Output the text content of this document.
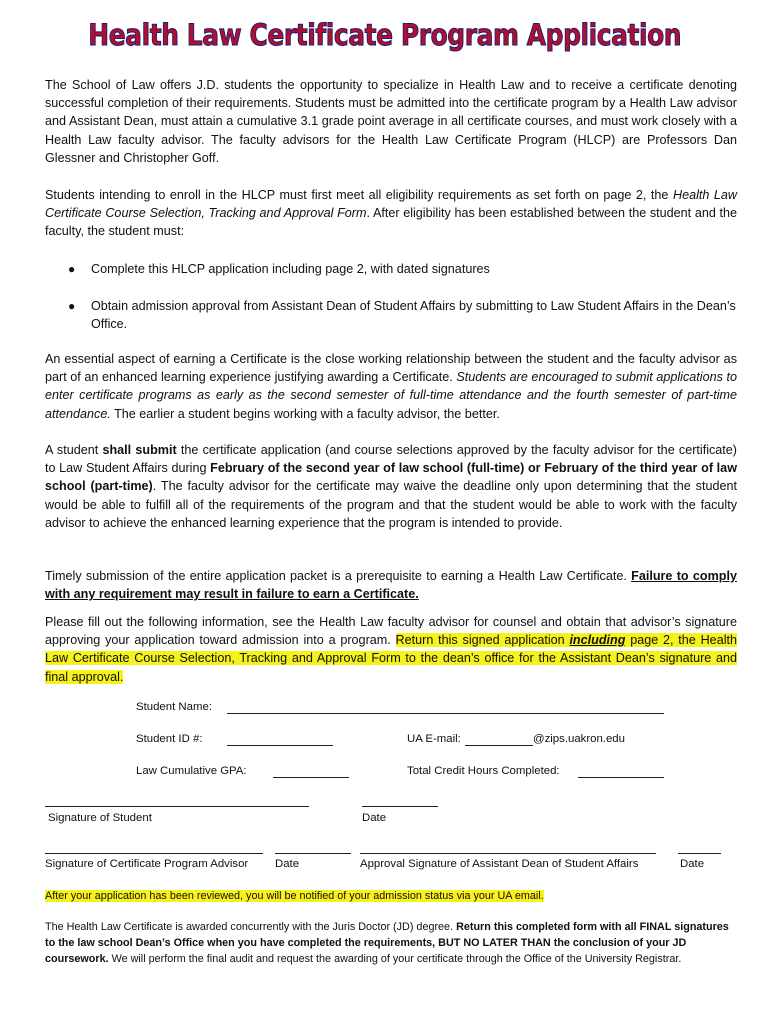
Health Law Certificate Program Application

The School of Law offers J.D. students the opportunity to specialize in Health Law and to receive a certificate denoting successful completion of their requirements. Students must be admitted into the certificate program by a Health Law advisor and Assistant Dean, must attain a cumulative 3.1 grade point average in all certificate courses, and must work closely with a Health Law faculty advisor. The faculty advisors for the Health Law Certificate Program (HLCP) are Professors Dan Glessner and Christopher Goff.

Students intending to enroll in the HLCP must first meet all eligibility requirements as set forth on page 2, the Health Law Certificate Course Selection, Tracking and Approval Form. After eligibility has been established between the student and the faculty, the student must:

● Complete this HLCP application including page 2, with dated signatures
● Obtain admission approval from Assistant Dean of Student Affairs by submitting to Law Student Affairs in the Dean’s Office.

An essential aspect of earning a Certificate is the close working relationship between the student and the faculty advisor as part of an enhanced learning experience justifying awarding a Certificate. Students are encouraged to submit applications to enter certificate programs as early as the second semester of full-time attendance and the fourth semester of part-time attendance. The earlier a student begins working with a faculty advisor, the better.

A student shall submit the certificate application (and course selections approved by the faculty advisor for the certificate) to Law Student Affairs during February of the second year of law school (full-time) or February of the third year of law school (part-time). The faculty advisor for the certificate may waive the deadline only upon determining that the student would be able to fulfill all of the requirements of the program and that the student would be able to work with the faculty advisor to achieve the enhanced learning experience that the program is intended to provide.

Timely submission of the entire application packet is a prerequisite to earning a Health Law Certificate. Failure to comply with any requirement may result in failure to earn a Certificate.

Please fill out the following information, see the Health Law faculty advisor for counsel and obtain that advisor’s signature approving your application toward admission into a program. Return this signed application including page 2, the Health Law Certificate Course Selection, Tracking and Approval Form to the dean’s office for the Assistant Dean’s signature and final approval.

Student Name:
Student ID #:	UA E-mail:	@zips.uakron.edu
Law Cumulative GPA:	Total Credit Hours Completed:
Signature of Student	Date
Signature of Certificate Program Advisor Date	Approval Signature of Assistant Dean of Student Affairs	Date
After your application has been reviewed, you will be notified of your admission status via your UA email.
The Health Law Certificate is awarded concurrently with the Juris Doctor (JD) degree. Return this completed form with all FINAL signatures to the law school Dean’s Office when you have completed the requirements, BUT NO LATER THAN the conclusion of your JD coursework. We will perform the final audit and request the awarding of your certificate through the Office of the University Registrar.
